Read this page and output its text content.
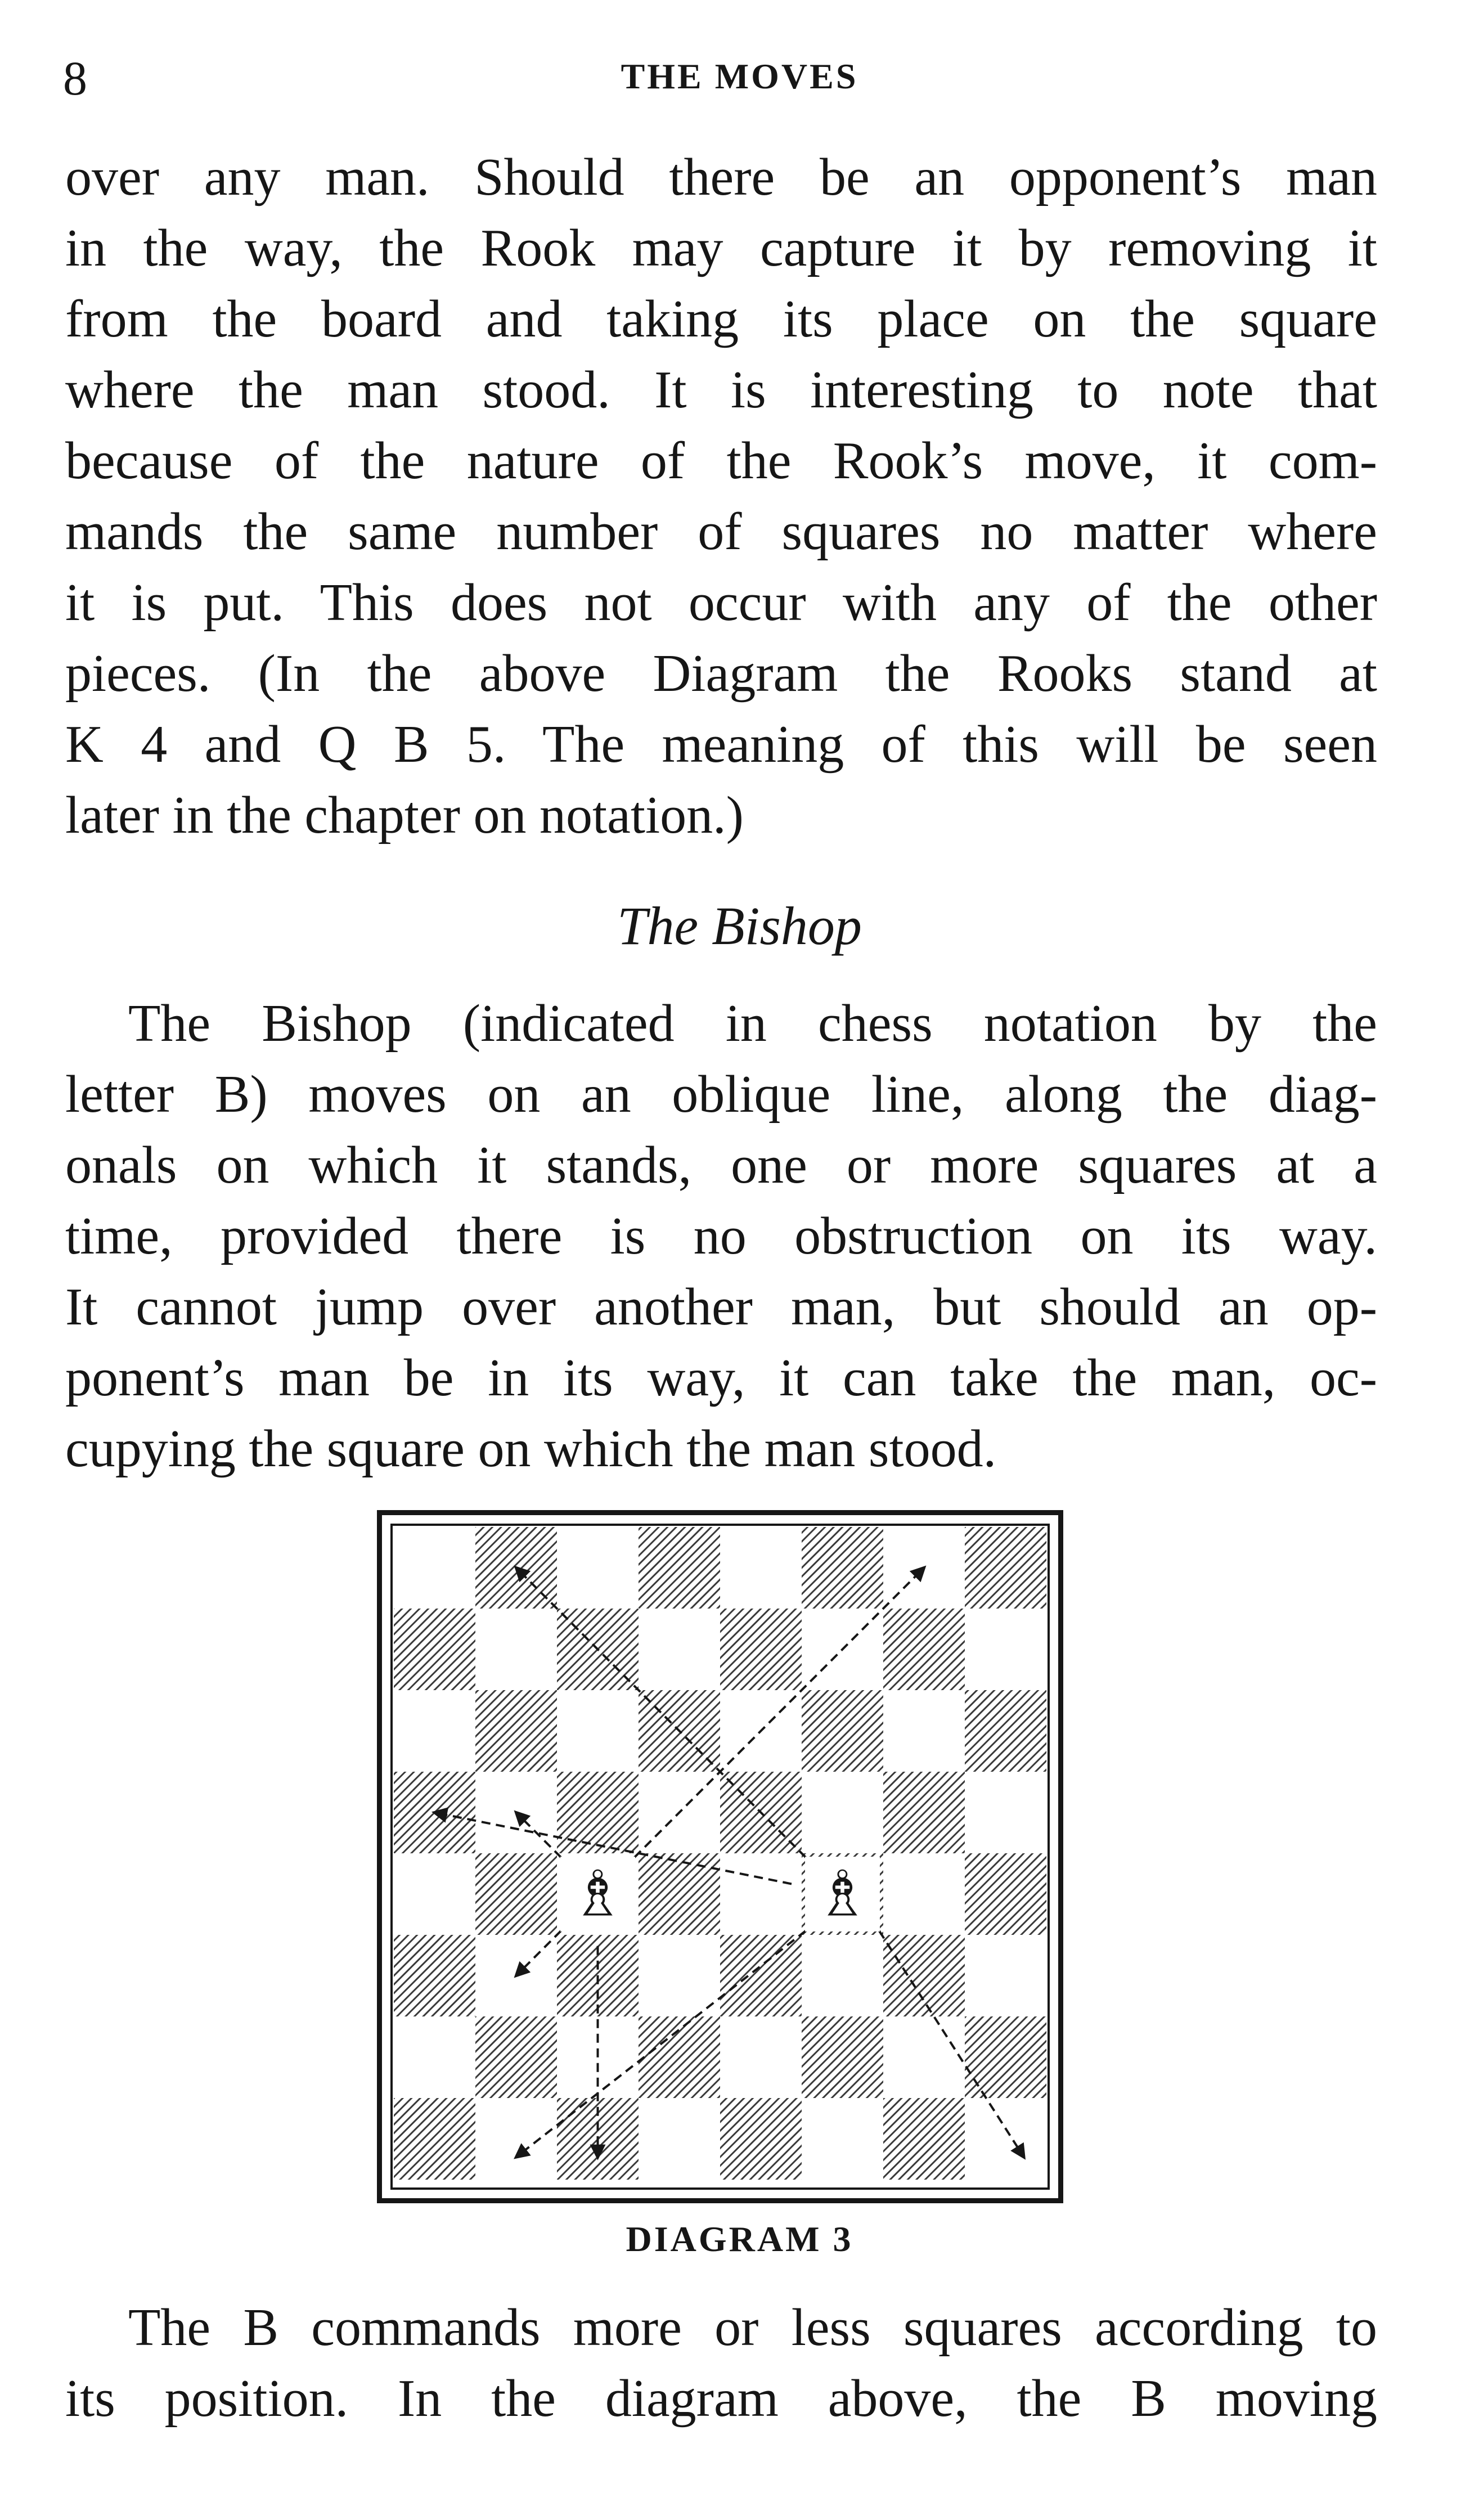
8	THE MOVES

over any man. Should there be an opponent’s man
in the way, the Rook may capture it by removing it
from the board and taking its place on the square
where the man stood. It is interesting to note that
because of the nature of the Rook’s move, it com-
mands the same number of squares no matter where
it is put. This does not occur with any of the other
pieces. (In the above Diagram the Rooks stand at
K 4 and Q B 5. The meaning of this will be seen
later in the chapter on notation.)

The Bishop

The Bishop (indicated in chess notation by the
letter B) moves on an oblique line, along the diag-
onals on which it stands, one or more squares at a
time, provided there is no obstruction on its way.
It cannot jump over another man, but should an op-
ponent’s man be in its way, it can take the man, oc-
cupying the square on which the man stood.

♗	♗
DIAGRAM 3

The B commands more or less squares according to
its position. In the diagram above, the B moving
